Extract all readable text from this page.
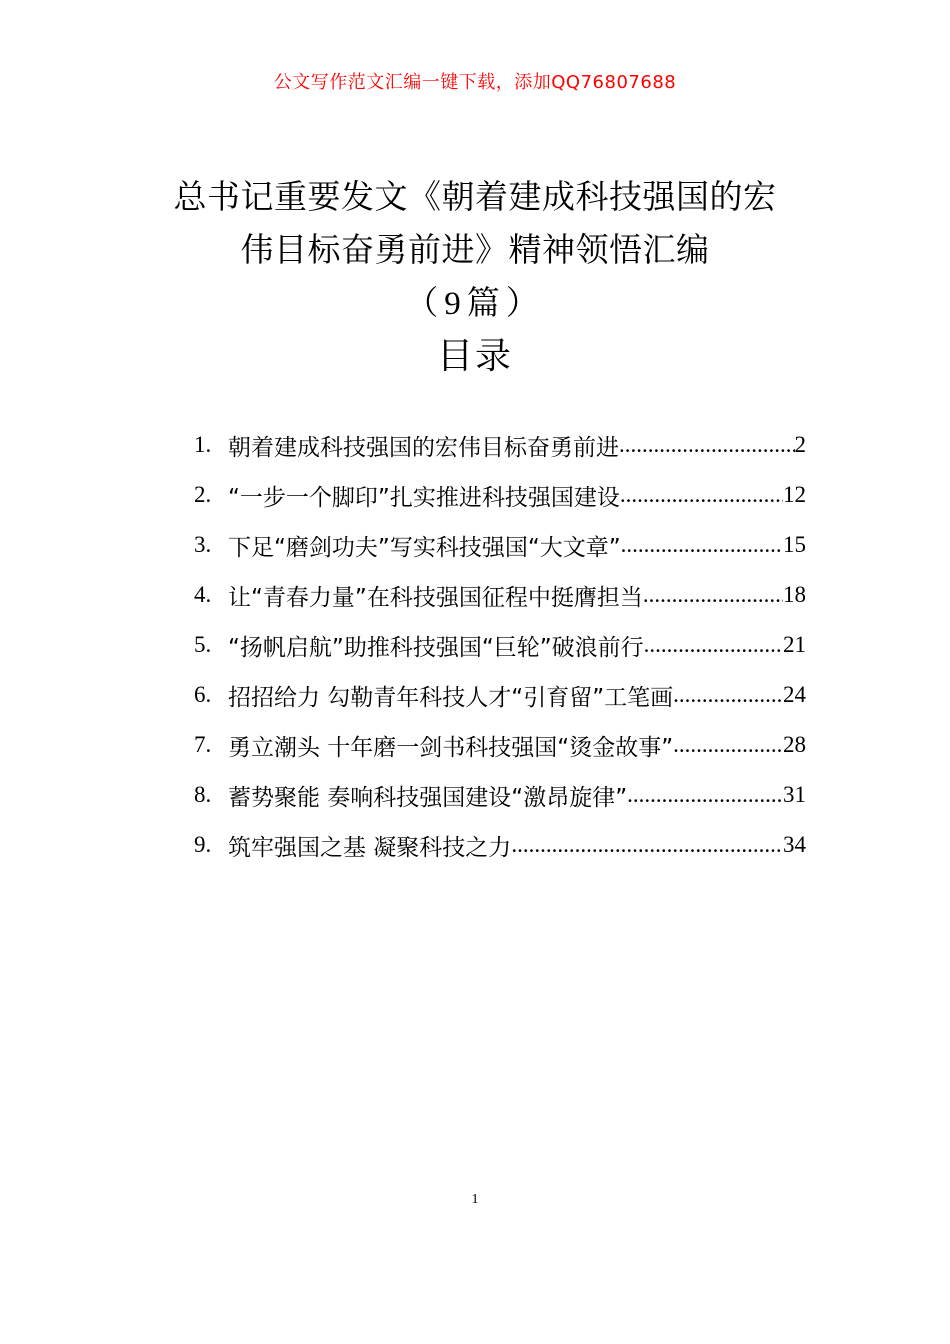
公文写作范文汇编一键下载，添加QQ76807688
总书记重要发文《朝着建成科技强国的宏
伟目标奋勇前进》精神领悟汇编
（9篇）
目录
1. 朝着建成科技强国的宏伟目标奋勇前进 .....	2
2. “一步一个脚印”扎实推进科技强国建设 .....	12
3. 下足“磨剑功夫”写实科技强国“大文章” .....	15
4. 让“青春力量”在科技强国征程中挺膺担当 .....	18
5. “扬帆启航”助推科技强国“巨轮”破浪前行 .....	21
6. 招招给力 勾勒青年科技人才“引育留”工笔画 .....	24
7. 勇立潮头 十年磨一剑书科技强国“烫金故事” .....	28
8. 蓄势聚能 奏响科技强国建设“激昂旋律” .....	31
9. 筑牢强国之基 凝聚科技之力 .....	34
1
